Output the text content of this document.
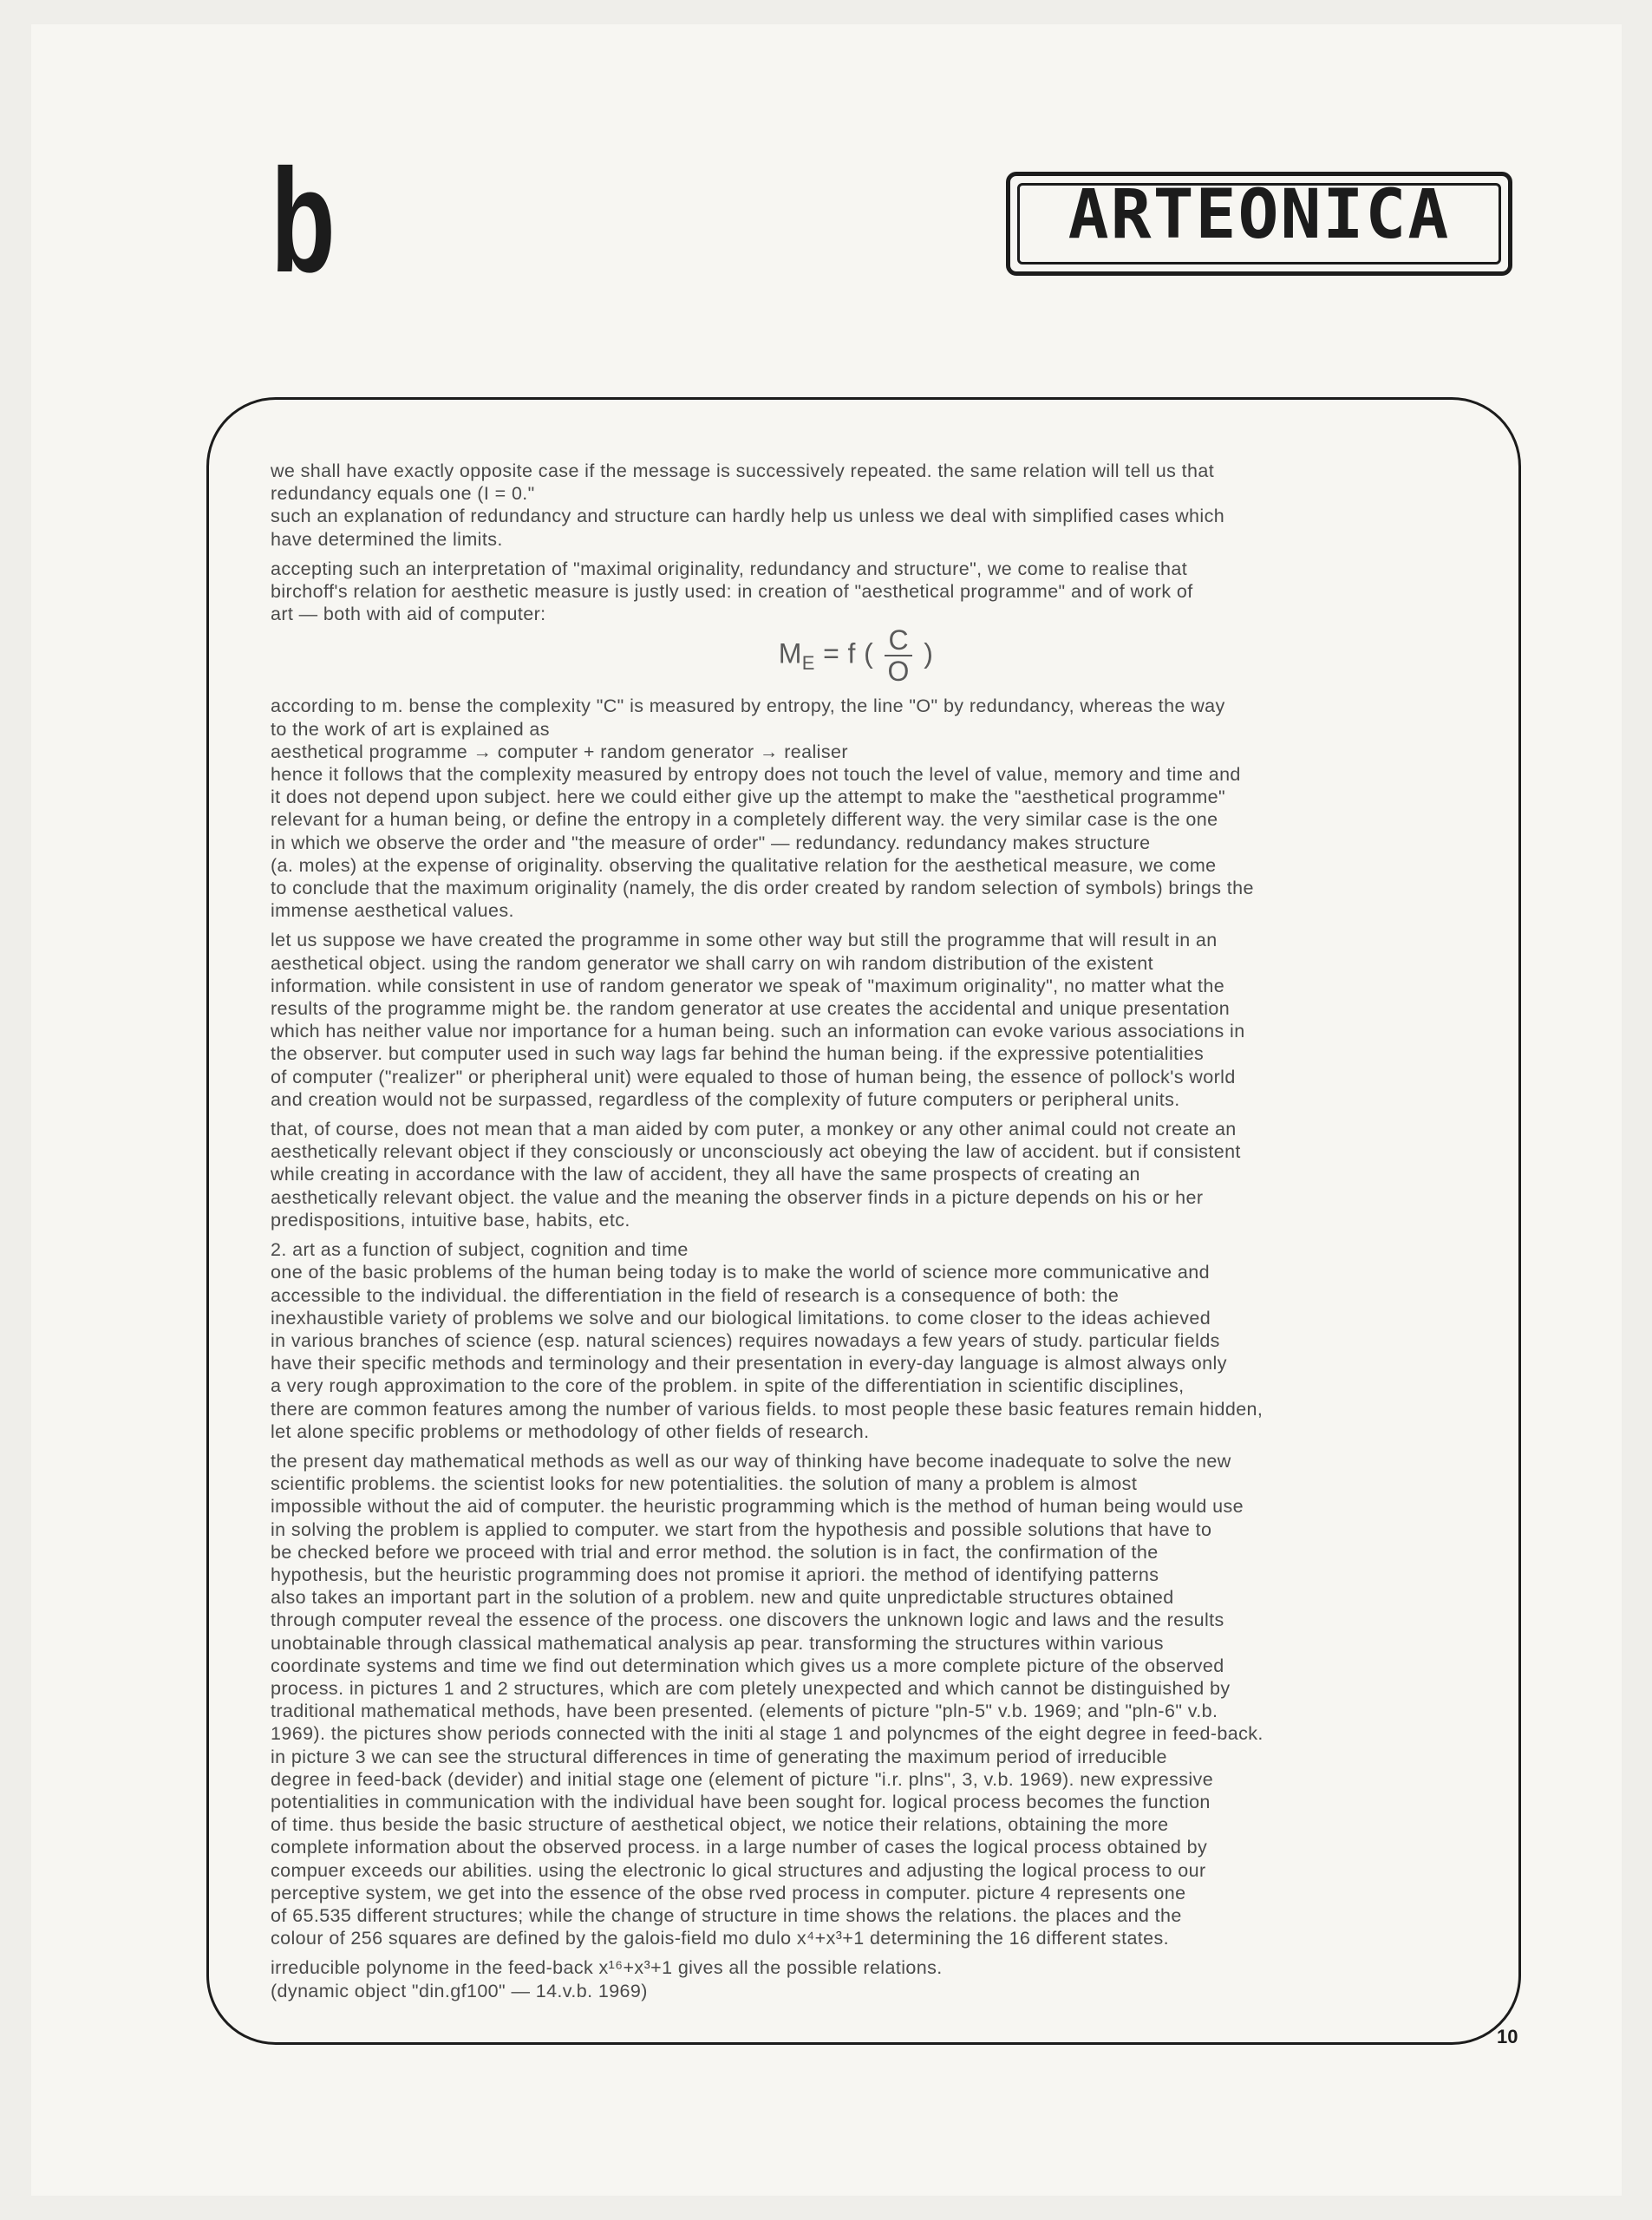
b	ARTEONICA

we shall have exactly opposite case if the message is successively repeated. the same relation will tell us that
redundancy equals one (I = 0."
such an explanation of redundancy and structure can hardly help us unless we deal with simplified cases which
have determined the limits.

accepting such an interpretation of "maximal originality, redundancy and structure", we come to realise that
birchoff's relation for aesthetic measure is justly used: in creation of "aesthetical programme" and of work of
art — both with aid of computer:

$M_E = f$ ( $\frac{C}{O}$ )

according to m. bense the complexity "C" is measured by entropy, the line "O" by redundancy, whereas the way
to the work of art is explained as
aesthetical programme → computer + random generator → realiser
hence it follows that the complexity measured by entropy does not touch the level of value, memory and time and
it does not depend upon subject. here we could either give up the attempt to make the "aesthetical programme"
relevant for a human being, or define the entropy in a completely different way. the very similar case is the one
in which we observe the order and "the measure of order" — redundancy. redundancy makes structure
(a. moles) at the expense of originality. observing the qualitative relation for the aesthetical measure, we come
to conclude that the maximum originality (namely, the dis order created by random selection of symbols) brings the
immense aesthetical values.

let us suppose we have created the programme in some other way but still the programme that will result in an
aesthetical object. using the random generator we shall carry on wih random distribution of the existent
information. while consistent in use of random generator we speak of "maximum originality", no matter what the
results of the programme might be. the random generator at use creates the accidental and unique presentation
which has neither value nor importance for a human being. such an information can evoke various associations in
the observer. but computer used in such way lags far behind the human being. if the expressive potentialities
of computer ("realizer" or pheripheral unit) were equaled to those of human being, the essence of pollock's world
and creation would not be surpassed, regardless of the complexity of future computers or peripheral units.

that, of course, does not mean that a man aided by com puter, a monkey or any other animal could not create an
aesthetically relevant object if they consciously or unconsciously act obeying the law of accident. but if consistent
while creating in accordance with the law of accident, they all have the same prospects of creating an
aesthetically relevant object. the value and the meaning the observer finds in a picture depends on his or her
predispositions, intuitive base, habits, etc.

2. art as a function of subject, cognition and time
one of the basic problems of the human being today is to make the world of science more communicative and
accessible to the individual. the differentiation in the field of research is a consequence of both: the
inexhaustible variety of problems we solve and our biological limitations. to come closer to the ideas achieved
in various branches of science (esp. natural sciences) requires nowadays a few years of study. particular fields
have their specific methods and terminology and their presentation in every-day language is almost always only
a very rough approximation to the core of the problem. in spite of the differentiation in scientific disciplines,
there are common features among the number of various fields. to most people these basic features remain hidden,
let alone specific problems or methodology of other fields of research.

the present day mathematical methods as well as our way of thinking have become inadequate to solve the new
scientific problems. the scientist looks for new potentialities. the solution of many a problem is almost
impossible without the aid of computer. the heuristic programming which is the method of human being would use
in solving the problem is applied to computer. we start from the hypothesis and possible solutions that have to
be checked before we proceed with trial and error method. the solution is in fact, the confirmation of the
hypothesis, but the heuristic programming does not promise it apriori. the method of identifying patterns
also takes an important part in the solution of a problem. new and quite unpredictable structures obtained
through computer reveal the essence of the process. one discovers the unknown logic and laws and the results
unobtainable through classical mathematical analysis ap pear. transforming the structures within various
coordinate systems and time we find out determination which gives us a more complete picture of the observed
process. in pictures 1 and 2 structures, which are com pletely unexpected and which cannot be distinguished by
traditional mathematical methods, have been presented. (elements of picture "pln-5" v.b. 1969; and "pln-6" v.b.
1969). the pictures show periods connected with the initi al stage 1 and polyncmes of the eight degree in feed-back.
in picture 3 we can see the structural differences in time of generating the maximum period of irreducible
degree in feed-back (devider) and initial stage one (element of picture "i.r. plns", 3, v.b. 1969). new expressive
potentialities in communication with the individual have been sought for. logical process becomes the function
of time. thus beside the basic structure of aesthetical object, we notice their relations, obtaining the more
complete information about the observed process. in a large number of cases the logical process obtained by
compuer exceeds our abilities. using the electronic lo gical structures and adjusting the logical process to our
perceptive system, we get into the essence of the obse rved process in computer. picture 4 represents one
of 65.535 different structures; while the change of structure in time shows the relations. the places and the
colour of 256 squares are defined by the galois-field mo dulo x⁴+x³+1 determining the 16 different states.

irreducible polynome in the feed-back x¹⁶+x³+1 gives all the possible relations.
(dynamic object "din.gf100" — 14.v.b. 1969)

10
